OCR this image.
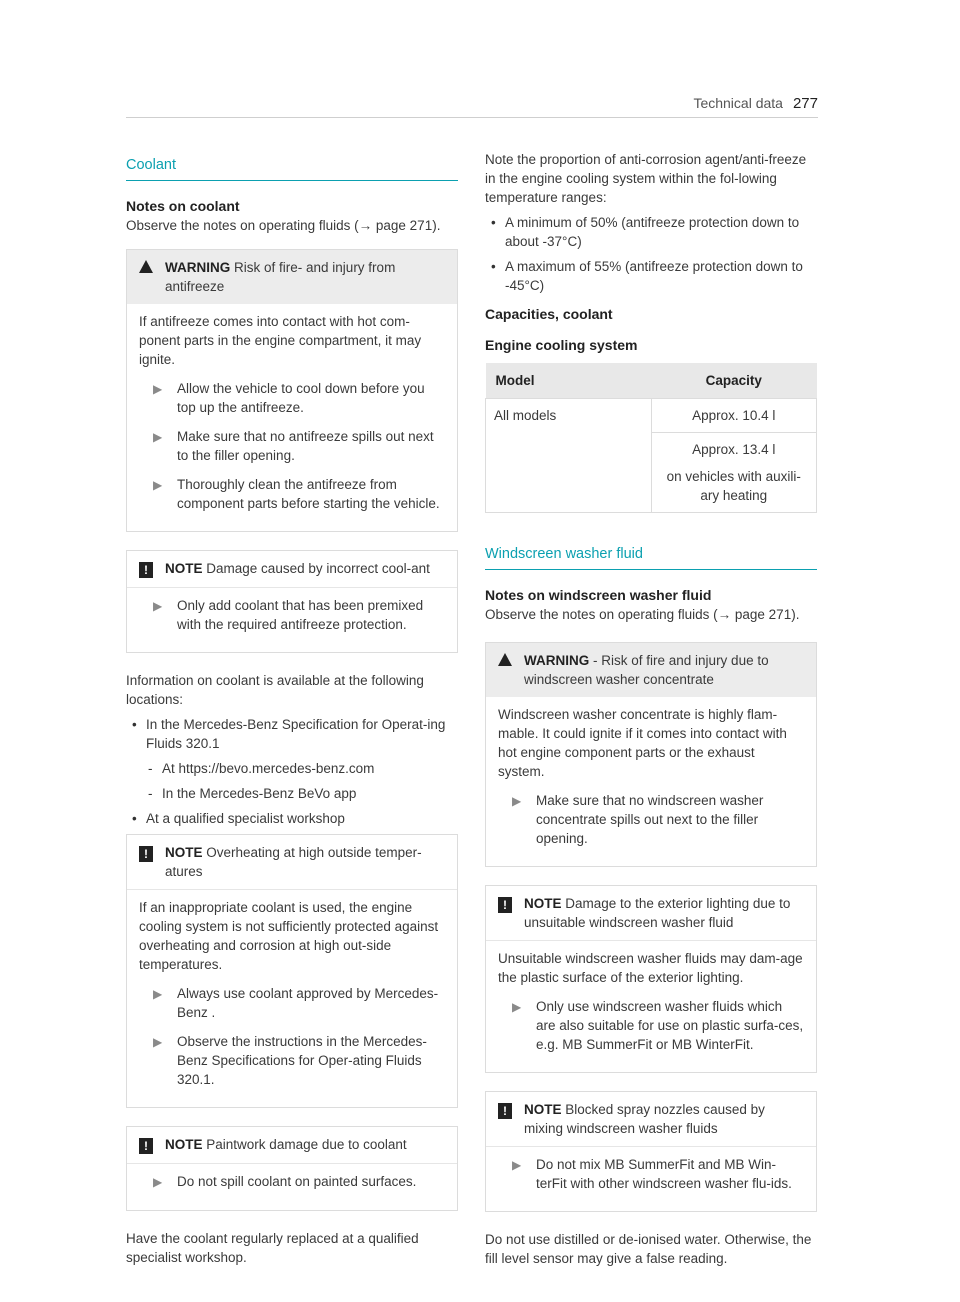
Technical data 277
Coolant
Notes on coolant
Observe the notes on operating fluids (→ page 271).
WARNING Risk of fire- and injury from antifreeze

If antifreeze comes into contact with hot com-ponent parts in the engine compartment, it may ignite.

▶	Allow the vehicle to cool down before you top up the antifreeze.
▶	Make sure that no antifreeze spills out next to the filler opening.
▶	Thoroughly clean the antifreeze from component parts before starting the vehicle.
!	NOTE Damage caused by incorrect cool-ant
▶	Only add coolant that has been premixed with the required antifreeze protection.
Information on coolant is available at the following locations:
• In the Mercedes-Benz Specification for Operat-ing Fluids 320.1
- At https://bevo.mercedes-benz.com
- In the Mercedes-Benz BeVo app
• At a qualified specialist workshop
!	NOTE Overheating at high outside temper-atures

If an inappropriate coolant is used, the engine cooling system is not sufficiently protected against overheating and corrosion at high out-side temperatures.

▶	Always use coolant approved by Mercedes-Benz .
▶	Observe the instructions in the Mercedes-Benz Specifications for Oper-ating Fluids 320.1.
!	NOTE Paintwork damage due to coolant
▶	Do not spill coolant on painted surfaces.
Have the coolant regularly replaced at a qualified specialist workshop.
Note the proportion of anti-corrosion agent/anti-freeze in the engine cooling system within the fol-lowing temperature ranges:
• A minimum of 50% (antifreeze protection down to about -37°C)
• A maximum of 55% (antifreeze protection down to -45°C)
Capacities, coolant
Engine cooling system
Model	Capacity
All models	Approx. 10.4 l

	Approx. 13.4 l
on vehicles with auxili-ary heating
Windscreen washer fluid
Notes on windscreen washer fluid
Observe the notes on operating fluids (→ page 271).
WARNING - Risk of fire and injury due to windscreen washer concentrate

Windscreen washer concentrate is highly flam-mable. It could ignite if it comes into contact with hot engine component parts or the exhaust system.

▶	Make sure that no windscreen washer concentrate spills out next to the filler opening.
!	NOTE Damage to the exterior lighting due to unsuitable windscreen washer fluid

Unsuitable windscreen washer fluids may dam-age the plastic surface of the exterior lighting.

▶	Only use windscreen washer fluids which are also suitable for use on plastic surfa-ces, e.g. MB SummerFit or MB WinterFit.
!	NOTE Blocked spray nozzles caused by mixing windscreen washer fluids
▶	Do not mix MB SummerFit and MB Win-terFit with other windscreen washer flu-ids.
Do not use distilled or de-ionised water. Otherwise, the fill level sensor may give a false reading.
